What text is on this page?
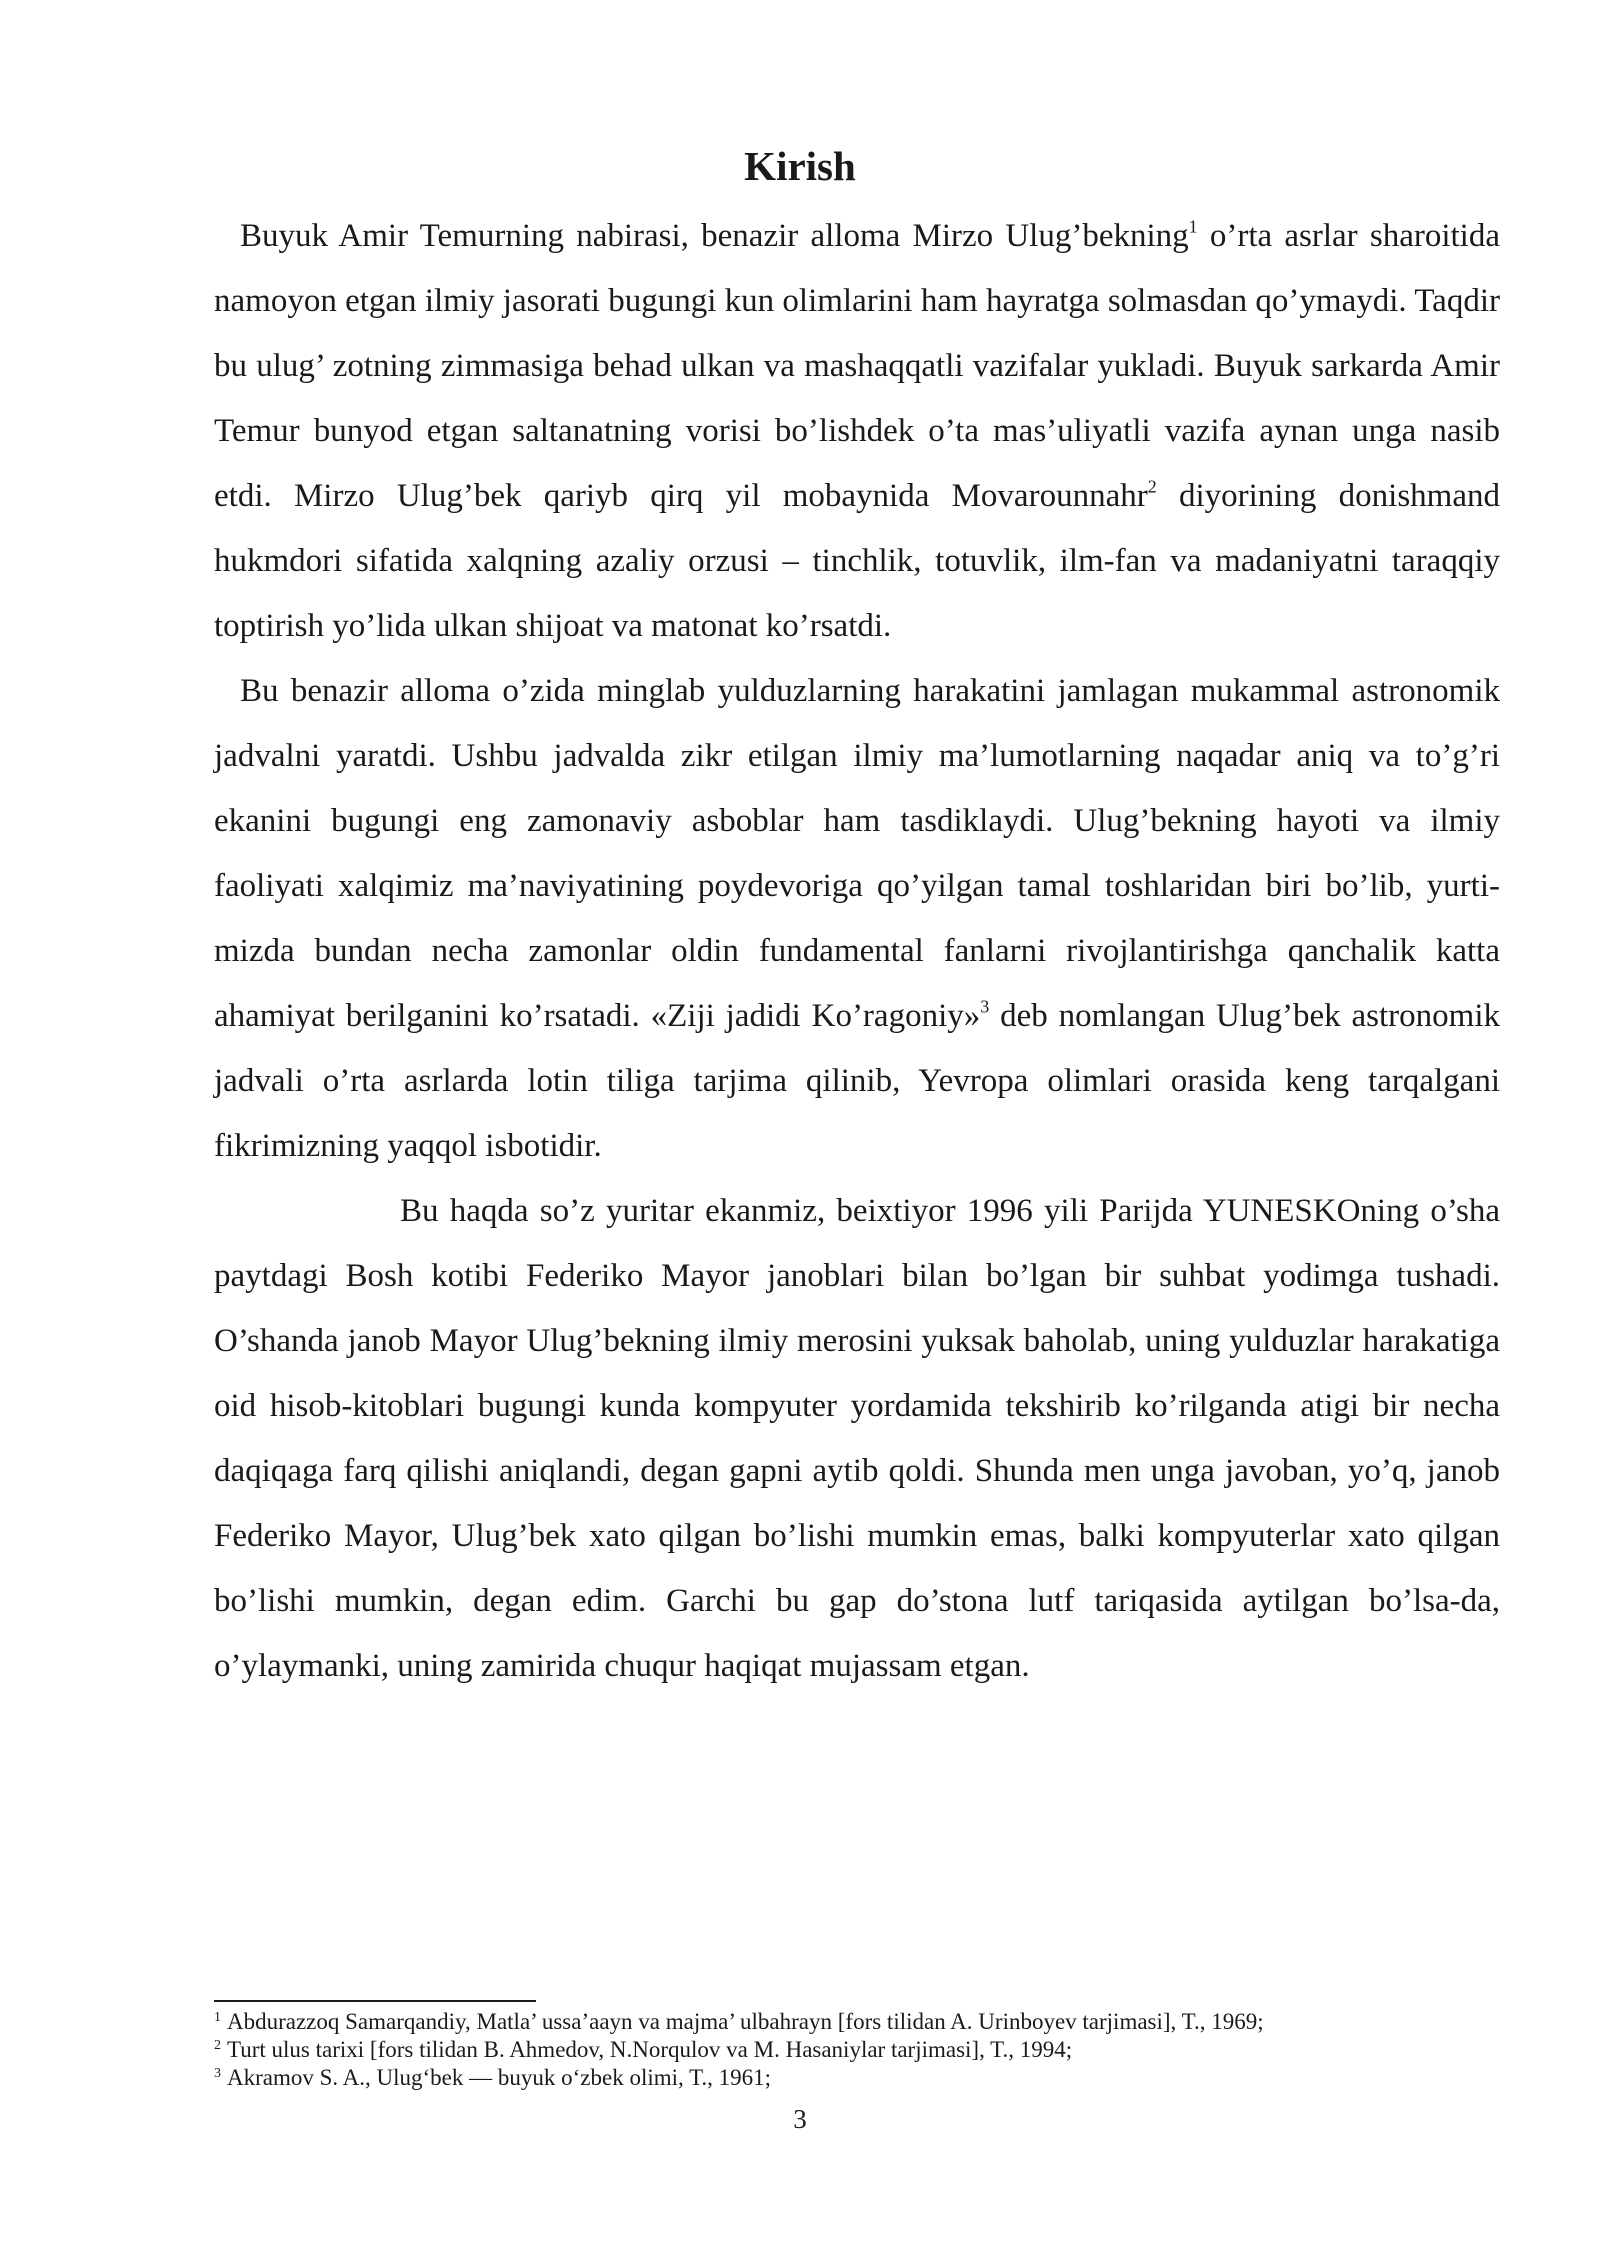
Kirish

Buyuk Amir Temurning nabirasi, benazir alloma Mirzo Ulug’bekning$^1$ o’rta asrlar sharoitida namoyon etgan ilmiy jasorati bugungi kun olimlarini ham hayratga solmasdan qo’ymaydi. Taqdir bu ulug’ zotning zimmasiga behad ulkan va mashaqqatli vazifalar yukladi. Buyuk sarkarda Amir Temur bunyod etgan saltanatning vorisi bo’lishdek o’ta mas’uliyatli vazifa aynan unga nasib etdi. Mirzo Ulug’bek qariyb qirq yil mobaynida Movarounnahr$^2$ diyorining donishmand hukmdori sifatida xalqning azaliy orzusi – tinchlik, totuvlik, ilm-fan va madaniyatni taraqqiy toptirish yo’lida ulkan shijoat va matonat ko’rsatdi.

Bu benazir alloma o’zida minglab yulduzlarning harakatini jamlagan mukammal astronomik jadvalni yaratdi. Ushbu jadvalda zikr etilgan ilmiy ma’lumotlarning naqadar aniq va to’g’ri ekanini bugungi eng zamonaviy asboblar ham tasdiklaydi. Ulug’bekning hayoti va ilmiy faoliyati xalqimiz ma’naviyatining poydevoriga qo’yilgan tamal toshlaridan biri bo’lib, yurti-mizda bundan necha zamonlar oldin fundamental fanlarni rivojlantirishga qanchalik katta ahamiyat berilganini ko’rsatadi. «Ziji jadidi Ko’ragoniy»$^3$ deb nomlangan Ulug’bek astronomik jadvali o’rta asrlarda lotin tiliga tarjima qilinib, Yevropa olimlari orasida keng tarqalgani fikrimizning yaqqol isbotidir.

Bu haqda so’z yuritar ekanmiz, beixtiyor 1996 yili Parijda YUNESKOning o’sha paytdagi Bosh kotibi Federiko Mayor janoblari bilan bo’lgan bir suhbat yodimga tushadi. O’shanda janob Mayor Ulug’bekning ilmiy merosini yuksak baholab, uning yulduzlar harakatiga oid hisob-kitoblari bugungi kunda kompyuter yordamida tekshirib ko’rilganda atigi bir necha daqiqaga farq qilishi aniqlandi, degan gapni aytib qoldi. Shunda men unga javoban, yo’q, janob Federiko Mayor, Ulug’bek xato qilgan bo’lishi mumkin emas, balki kompyuterlar xato qilgan bo’lishi mumkin, degan edim. Garchi bu gap do’stona lutf tariqasida aytilgan bo’lsa-da, o’ylaymanki, uning zamirida chuqur haqiqat mujassam etgan.

$^1$ Abdurazzoq Samarqandiy, Matla’ ussa’aayn va majma’ ulbahrayn [fors tilidan A. Urinboyev tarjimasi], T., 1969;
$^2$ Turt ulus tarixi [fors tilidan B. Ahmedov, N.Norqulov va M. Hasaniylar tarjimasi], T., 1994;
$^3$ Akramov S. A., Ulug‘bek — buyuk o‘zbek olimi, T., 1961;
3
